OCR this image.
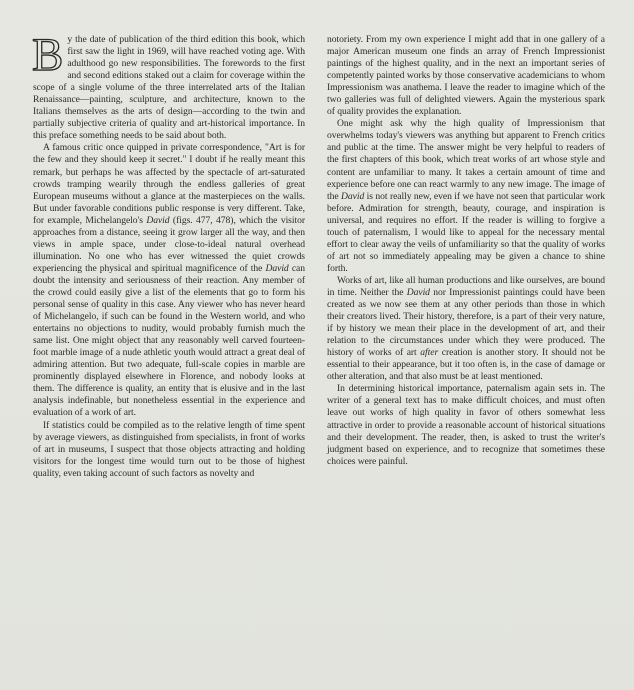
By the date of publication of the third edition this book, which first saw the light in 1969, will have reached voting age. With adulthood go new responsibilities. The forewords to the first and second editions staked out a claim for coverage within the scope of a single volume of the three interrelated arts of the Italian Renaissance—painting, sculpture, and architecture, known to the Italians themselves as the arts of design—according to the twin and partially subjective criteria of quality and art-historical importance. In this preface something needs to be said about both.

A famous critic once quipped in private correspondence, "Art is for the few and they should keep it secret." I doubt if he really meant this remark, but perhaps he was affected by the spectacle of art-saturated crowds tramping wearily through the endless galleries of great European museums without a glance at the masterpieces on the walls. But under favorable conditions public response is very different. Take, for example, Michelangelo's David (figs. 477, 478), which the visitor approaches from a distance, seeing it grow larger all the way, and then views in ample space, under close-to-ideal natural overhead illumination. No one who has ever witnessed the quiet crowds experiencing the physical and spiritual magnificence of the David can doubt the intensity and seriousness of their reaction. Any member of the crowd could easily give a list of the elements that go to form his personal sense of quality in this case. Any viewer who has never heard of Michelangelo, if such can be found in the Western world, and who entertains no objections to nudity, would probably furnish much the same list. One might object that any reasonably well carved fourteen-foot marble image of a nude athletic youth would attract a great deal of admiring attention. But two adequate, full-scale copies in marble are prominently displayed elsewhere in Florence, and nobody looks at them. The difference is quality, an entity that is elusive and in the last analysis indefinable, but nonetheless essential in the experience and evaluation of a work of art.

If statistics could be compiled as to the relative length of time spent by average viewers, as distinguished from specialists, in front of works of art in museums, I suspect that those objects attracting and holding visitors for the longest time would turn out to be those of highest quality, even taking account of such factors as novelty and

notoriety. From my own experience I might add that in one gallery of a major American museum one finds an array of French Impressionist paintings of the highest quality, and in the next an important series of competently painted works by those conservative academicians to whom Impressionism was anathema. I leave the reader to imagine which of the two galleries was full of delighted viewers. Again the mysterious spark of quality provides the explanation.

One might ask why the high quality of Impressionism that overwhelms today's viewers was anything but apparent to French critics and public at the time. The answer might be very helpful to readers of the first chapters of this book, which treat works of art whose style and content are unfamiliar to many. It takes a certain amount of time and experience before one can react warmly to any new image. The image of the David is not really new, even if we have not seen that particular work before. Admiration for strength, beauty, courage, and inspiration is universal, and requires no effort. If the reader is willing to forgive a touch of paternalism, I would like to appeal for the necessary mental effort to clear away the veils of unfamiliarity so that the quality of works of art not so immediately appealing may be given a chance to shine forth.

Works of art, like all human productions and like ourselves, are bound in time. Neither the David nor Impressionist paintings could have been created as we now see them at any other periods than those in which their creators lived. Their history, therefore, is a part of their very nature, if by history we mean their place in the development of art, and their relation to the circumstances under which they were produced. The history of works of art after creation is another story. It should not be essential to their appearance, but it too often is, in the case of damage or other alteration, and that also must be at least mentioned.

In determining historical importance, paternalism again sets in. The writer of a general text has to make difficult choices, and must often leave out works of high quality in favor of others somewhat less attractive in order to provide a reasonable account of historical situations and their development. The reader, then, is asked to trust the writer's judgment based on experience, and to recognize that sometimes these choices were painful.
